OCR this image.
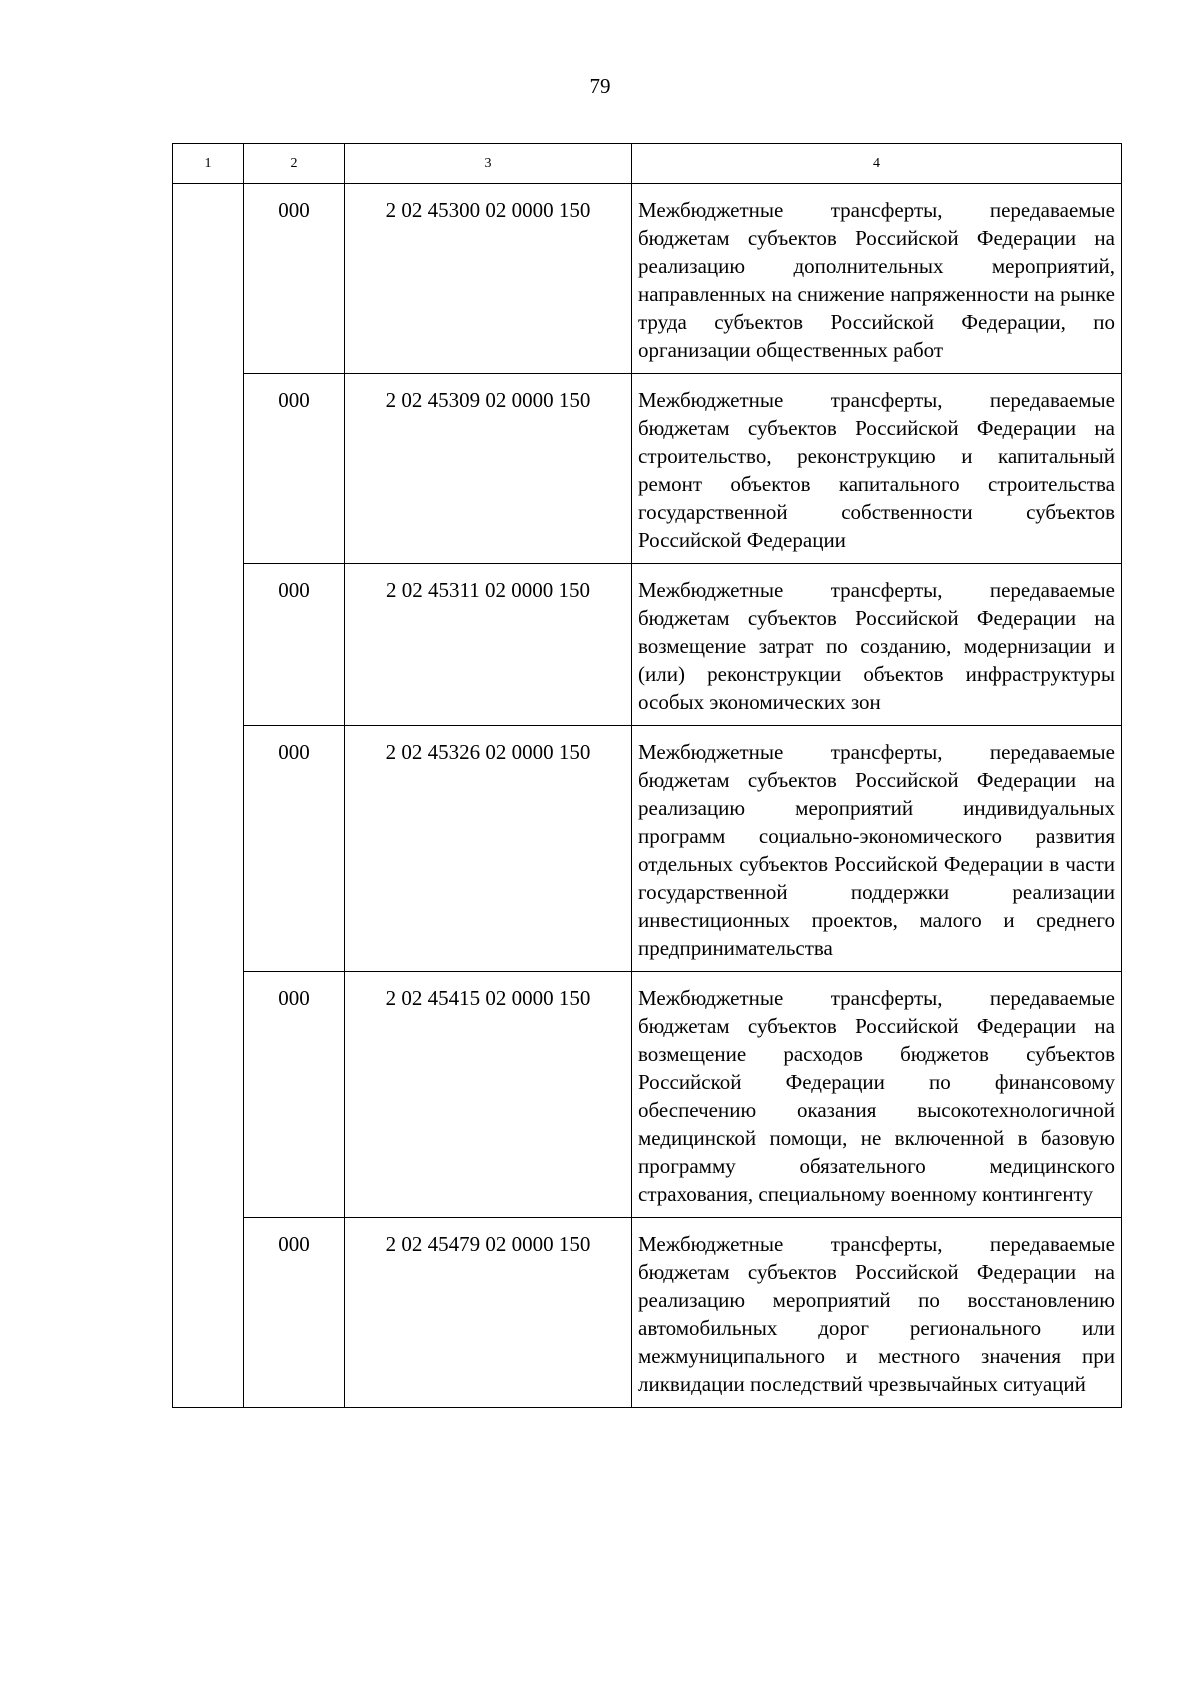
79
1	2	3	4
	000	2 02 45300 02 0000 150	Межбюджетные трансферты, передаваемые бюджетам субъектов Российской Федерации на реализацию дополнительных мероприятий, направленных на снижение напряженности на рынке труда субъектов Российской Федерации, по организации общественных работ
	000	2 02 45309 02 0000 150	Межбюджетные трансферты, передаваемые бюджетам субъектов Российской Федерации на строительство, реконструкцию и капитальный ремонт объектов капитального строительства государственной собственности субъектов Российской Федерации
	000	2 02 45311 02 0000 150	Межбюджетные трансферты, передаваемые бюджетам субъектов Российской Федерации на возмещение затрат по созданию, модернизации и (или) реконструкции объектов инфраструктуры особых экономических зон
	000	2 02 45326 02 0000 150	Межбюджетные трансферты, передаваемые бюджетам субъектов Российской Федерации на реализацию мероприятий индивидуальных программ социально-экономического развития отдельных субъектов Российской Федерации в части государственной поддержки реализации инвестиционных проектов, малого и среднего предпринимательства
	000	2 02 45415 02 0000 150	Межбюджетные трансферты, передаваемые бюджетам субъектов Российской Федерации на возмещение расходов бюджетов субъектов Российской Федерации по финансовому обеспечению оказания высокотехнологичной медицинской помощи, не включенной в базовую программу обязательного медицинского страхования, специальному военному контингенту
	000	2 02 45479 02 0000 150	Межбюджетные трансферты, передаваемые бюджетам субъектов Российской Федерации на реализацию мероприятий по восстановлению автомобильных дорог регионального или межмуниципального и местного значения при ликвидации последствий чрезвычайных ситуаций
